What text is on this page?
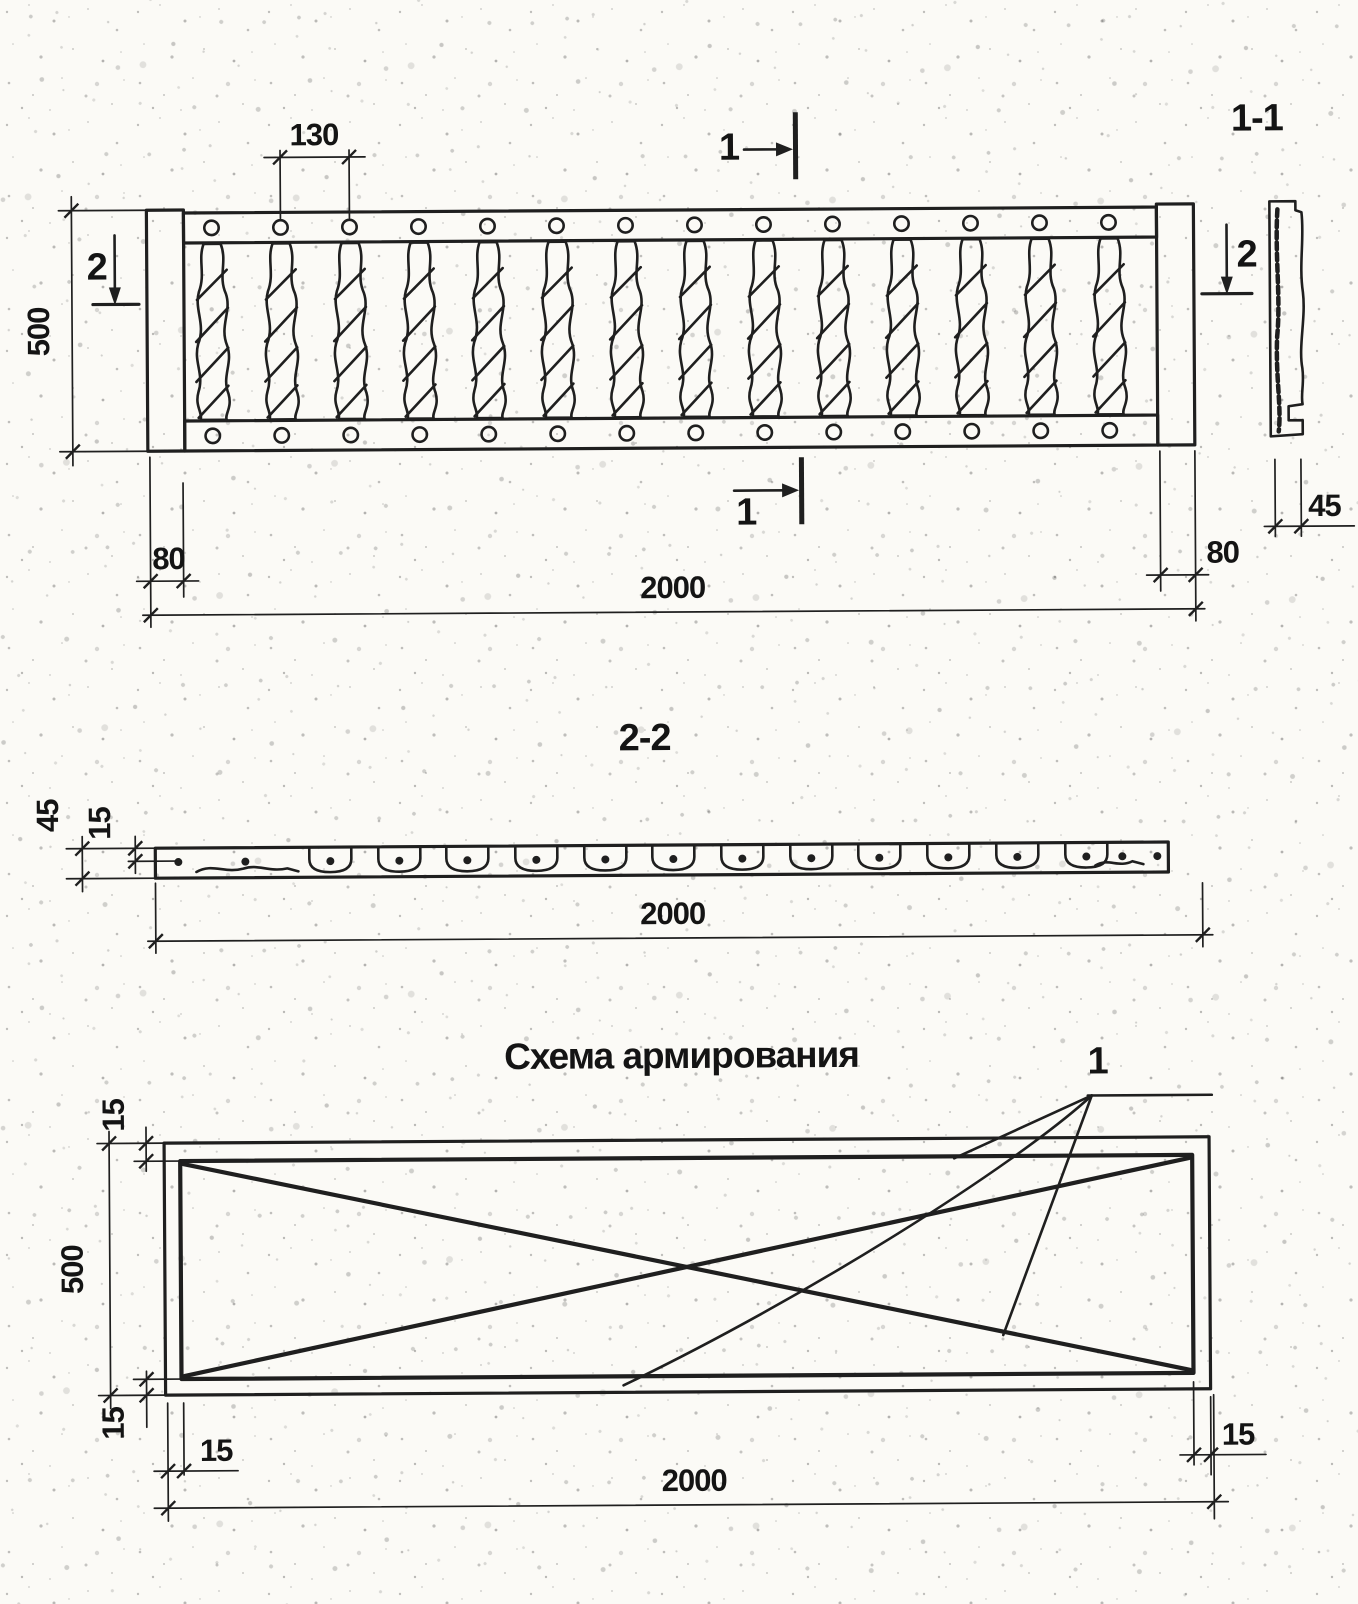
130
500
2	2
1
1
80	80
2000
1-1
45
2-2
45 15
2000
Схема армирования	1
15
500
15
15	15
2000
